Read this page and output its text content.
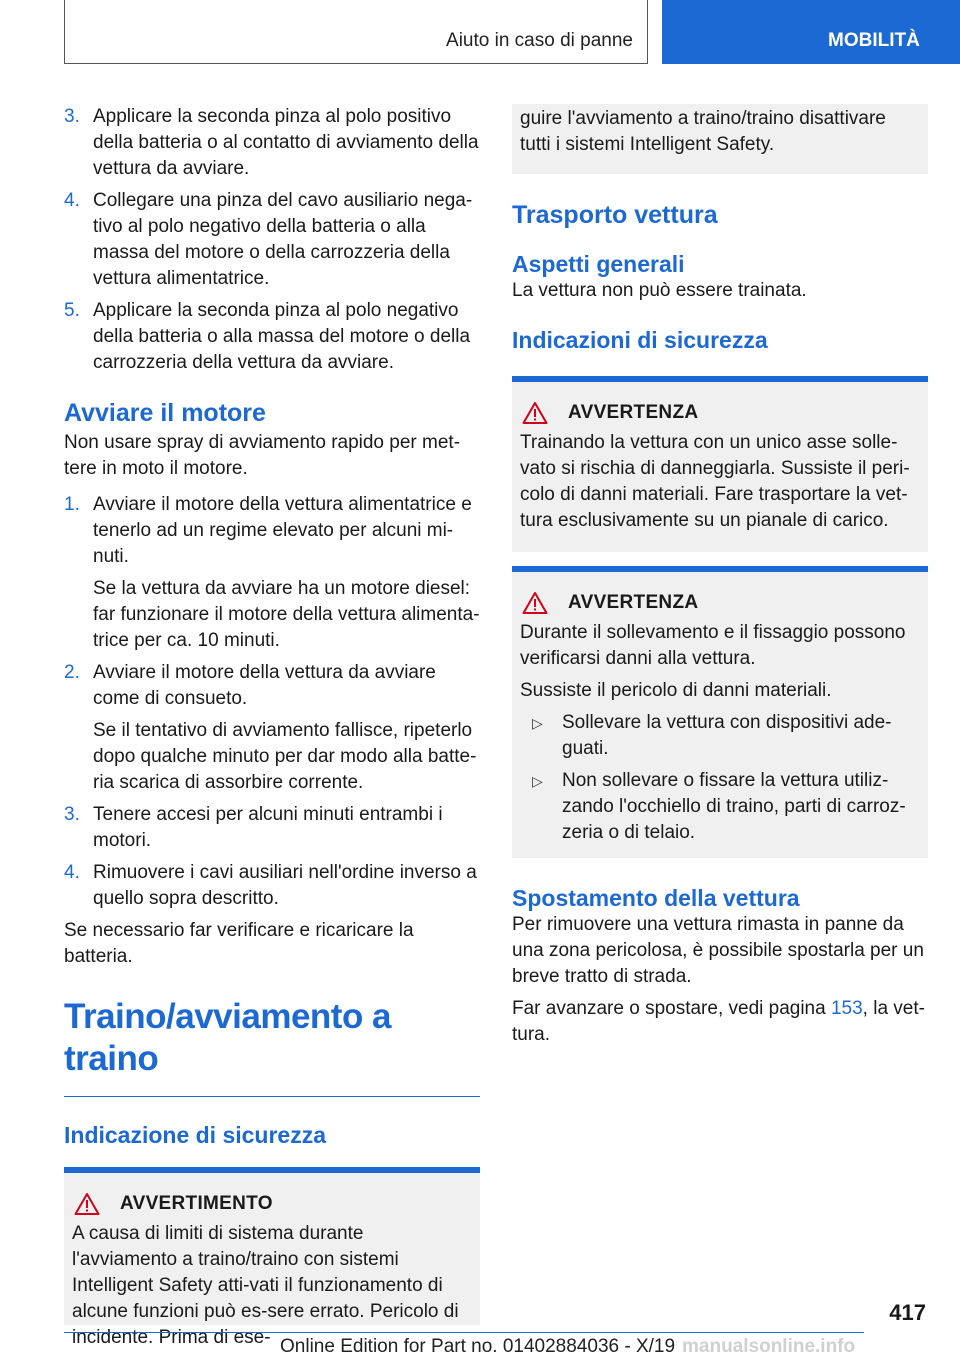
Aiuto in caso di panne	MOBILITÀ
3. Applicare la seconda pinza al polo positivo della batteria o al contatto di avviamento della vettura da avviare.
4. Collegare una pinza del cavo ausiliario nega‐tivo al polo negativo della batteria o alla massa del motore o della carrozzeria della vettura alimentatrice.
5. Applicare la seconda pinza al polo negativo della batteria o alla massa del motore o della carrozzeria della vettura da avviare.
Avviare il motore

Non usare spray di avviamento rapido per met‐tere in moto il motore.

1. Avviare il motore della vettura alimentatrice e tenerlo ad un regime elevato per alcuni mi‐nuti.
Se la vettura da avviare ha un motore diesel: far funzionare il motore della vettura alimenta‐trice per ca. 10 minuti.
2. Avviare il motore della vettura da avviare come di consueto.
Se il tentativo di avviamento fallisce, ripeterlo dopo qualche minuto per dar modo alla batte‐ria scarica di assorbire corrente.
3. Tenere accesi per alcuni minuti entrambi i motori.
4. Rimuovere i cavi ausiliari nell'ordine inverso a quello sopra descritto.

Se necessario far verificare e ricaricare la batteria.

Traino/avviamento a traino
Indicazione di sicurezza
AVVERTIMENTO
A causa di limiti di sistema durante l'avviamento a traino/traino con sistemi Intelligent Safety atti‐vati il funzionamento di alcune funzioni può es‐sere errato. Pericolo di incidente. Prima di ese‐
guire l'avviamento a traino/traino disattivare tutti i sistemi Intelligent Safety.
Trasporto vettura
Aspetti generali

La vettura non può essere trainata.

Indicazioni di sicurezza
AVVERTENZA
Trainando la vettura con un unico asse solle‐vato si rischia di danneggiarla. Sussiste il peri‐colo di danni materiali. Fare trasportare la vet‐tura esclusivamente su un pianale di carico.
AVVERTENZA
Durante il sollevamento e il fissaggio possono verificarsi danni alla vettura.
Sussiste il pericolo di danni materiali.
▷ Sollevare la vettura con dispositivi ade‐guati.
▷ Non sollevare o fissare la vettura utiliz‐zando l'occhiello di traino, parti di carroz‐zeria o di telaio.
Spostamento della vettura

Per rimuovere una vettura rimasta in panne da una zona pericolosa, è possibile spostarla per un breve tratto di strada.

Far avanzare o spostare, vedi pagina 153, la vet‐tura.

417
Online Edition for Part no. 01402884036 - X/19 manualsonline.info
